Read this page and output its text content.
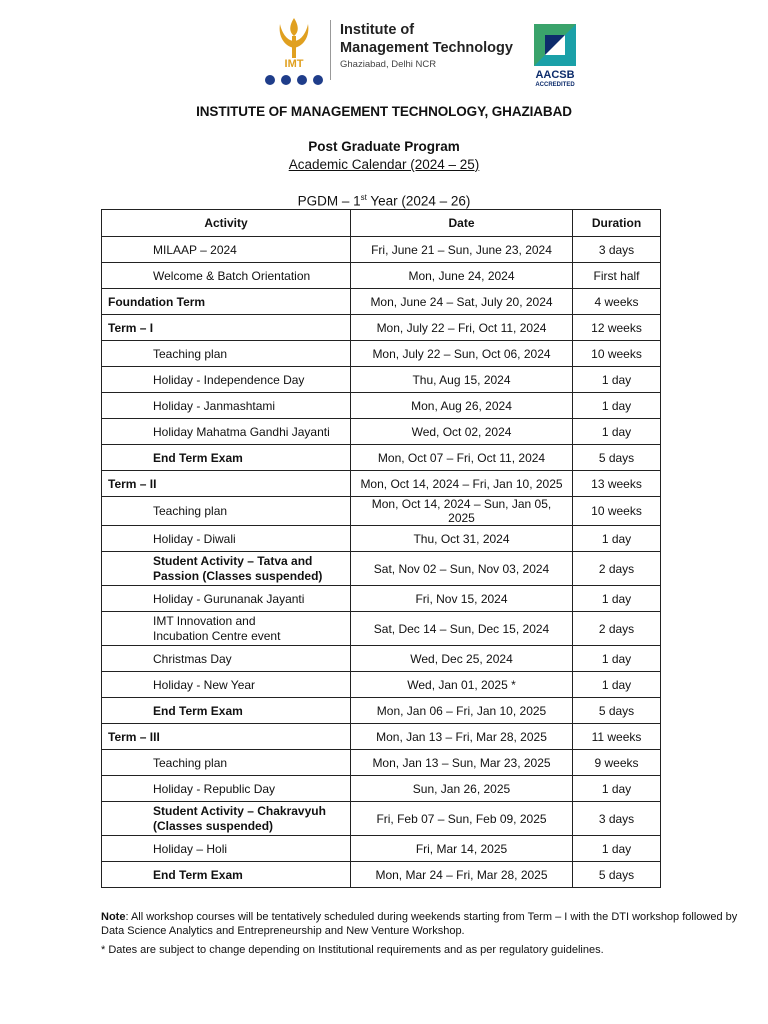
IMT
Institute of
Management Technology
Ghaziabad, Delhi NCR
AACSB
ACCREDITED
INSTITUTE OF MANAGEMENT TECHNOLOGY, GHAZIABAD
Post Graduate Program
Academic Calendar (2024 – 25)
PGDM – 1st Year (2024 – 26)
Activity	Date	Duration
MILAAP – 2024	Fri, June 21 – Sun, June 23, 2024	3 days
Welcome & Batch Orientation	Mon, June 24, 2024	First half
Foundation Term	Mon, June 24 – Sat, July 20, 2024	4 weeks
Term – I	Mon, July 22 – Fri, Oct 11, 2024	12 weeks
Teaching plan	Mon, July 22 – Sun, Oct 06, 2024	10 weeks
Holiday - Independence Day	Thu, Aug 15, 2024	1 day
Holiday - Janmashtami	Mon, Aug 26, 2024	1 day
Holiday Mahatma Gandhi Jayanti	Wed, Oct 02, 2024	1 day
End Term Exam	Mon, Oct 07 – Fri, Oct 11, 2024	5 days
Term – II	Mon, Oct 14, 2024 – Fri, Jan 10, 2025	13 weeks
Teaching plan	Mon, Oct 14, 2024 – Sun, Jan 05, 2025	10 weeks
Holiday - Diwali	Thu, Oct 31, 2024	1 day

Student Activity – Tatva and
Passion (Classes suspended)	Sat, Nov 02 – Sun, Nov 03, 2024	2 days
Holiday - Gurunanak Jayanti	Fri, Nov 15, 2024	1 day

IMT Innovation and
Incubation Centre event	Sat, Dec 14 – Sun, Dec 15, 2024	2 days
Christmas Day	Wed, Dec 25, 2024	1 day
Holiday - New Year	Wed, Jan 01, 2025 *	1 day
End Term Exam	Mon, Jan 06 – Fri, Jan 10, 2025	5 days
Term – III	Mon, Jan 13 – Fri, Mar 28, 2025	11 weeks
Teaching plan	Mon, Jan 13 – Sun, Mar 23, 2025	9 weeks
Holiday - Republic Day	Sun, Jan 26, 2025	1 day

Student Activity – Chakravyuh
(Classes suspended)	Fri, Feb 07 – Sun, Feb 09, 2025	3 days
Holiday – Holi	Fri, Mar 14, 2025	1 day
End Term Exam	Mon, Mar 24 – Fri, Mar 28, 2025	5 days
Note: All workshop courses will be tentatively scheduled during weekends starting from Term – I with the DTI workshop followed by Data Science Analytics and Entrepreneurship and New Venture Workshop.
* Dates are subject to change depending on Institutional requirements and as per regulatory guidelines.
